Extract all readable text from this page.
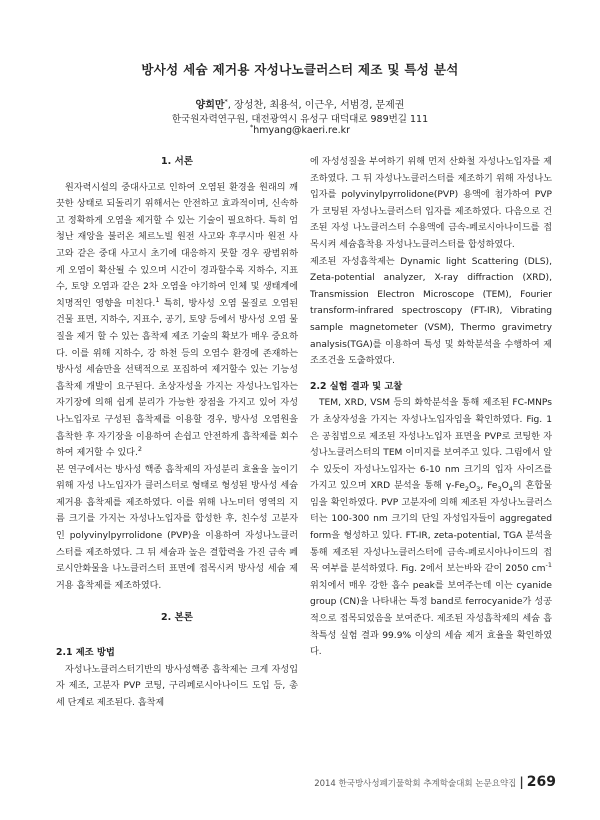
방사성 세슘 제거용 자성나노클러스터 제조 및 특성 분석
양희만*, 장성찬, 최용석, 이근우, 서범경, 문제권
한국원자력연구원, 대전광역시 유성구 대덕대로 989번길 111
*hmyang@kaeri.re.kr
1. 서론

원자력시설의 중대사고로 인하여 오염된 환경을 원래의 깨끗한 상태로 되돌리기 위해서는 안전하고 효과적이며, 신속하고 정확하게 오염을 제거할 수 있는 기술이 필요하다. 특히 엄청난 재앙을 불러온 체르노빌 원전 사고와 후쿠시마 원전 사고와 같은 중대 사고시 초기에 대응하지 못할 경우 광범위하게 오염이 확산될 수 있으며 시간이 경과할수록 지하수, 지표수, 토양 오염과 같은 2차 오염을 야기하여 인체 및 생태계에 치명적인 영향을 미친다.$^1$ 특히, 방사성 오염 물질로 오염된 건물 표면, 지하수, 지표수, 공기, 토양 등에서 방사성 오염 물질을 제거 할 수 있는 흡착제 제조 기술의 확보가 매우 중요하다. 이를 위해 지하수, 강 하천 등의 오염수 환경에 존재하는 방사성 세슘만을 선택적으로 포집하여 제거할수 있는 기능성 흡착제 개발이 요구된다. 초상자성을 가지는 자성나노입자는 자기장에 의해 쉽게 분리가 가능한 장점을 가지고 있어 자성나노입자로 구성된 흡착제를 이용할 경우, 방사성 오염원을 흡착한 후 자기장을 이용하여 손쉽고 안전하게 흡착제를 회수하여 제거할 수 있다.$^2$

본 연구에서는 방사성 핵종 흡착제의 자성분리 효율을 높이기 위해 자성 나노입자가 클러스터로 형태로 형성된 방사성 세슘 제거용 흡착제를 제조하였다. 이를 위해 나노미터 영역의 지름 크기를 가지는 자성나노입자를 합성한 후, 친수성 고분자인 polyvinylpyrrolidone (PVP)을 이용하여 자성나노클러스터를 제조하였다. 그 뒤 세슘과 높은 결합력을 가진 금속 페로시안화물을 나노클러스터 표면에 접목시켜 방사성 세슘 제거용 흡착제를 제조하였다.

2. 본론
2.1 제조 방법

자성나노클러스터기반의 방사성핵종 흡착제는 크게 자성입자 제조, 고분자 PVP 코팅, 구리페로시아나이드 도입 등, 총 세 단계로 제조된다. 흡착제

에 자성성질을 부여하기 위해 먼저 산화철 자성나노입자를 제조하였다. 그 뒤 자성나노클러스터를 제조하기 위해 자성나노입자를 polyvinylpyrrolidone(PVP) 용액에 첨가하여 PVP가 코팅된 자성나노클러스터 입자를 제조하였다. 다음으로 건조된 자성 나노클러스터 수용액에 금속-페로시아나이드를 접목시켜 세슘흡착용 자성나노클러스터를 합성하였다.

제조된 자성흡착제는 Dynamic light Scattering (DLS), Zeta-potential analyzer, X-ray diffraction (XRD), Transmission Electron Microscope (TEM), Fourier transform-infrared spectroscopy (FT-IR), Vibrating sample magnetometer (VSM), Thermo gravimetry analysis(TGA)를 이용하여 특성 및 화학분석을 수행하여 제조조건을 도출하였다.

2.2 실험 결과 및 고찰

TEM, XRD, VSM 등의 화학분석을 통해 제조된 FC-MNPs가 초상자성을 가지는 자성나노입자임을 확인하였다. Fig. 1은 공침법으로 제조된 자성나노입자 표면을 PVP로 코팅한 자성나노클러스터의 TEM 이미지를 보여주고 있다. 그림에서 알수 있듯이 자성나노입자는 6-10 nm 크기의 입자 사이즈를 가지고 있으며 XRD 분석을 통해 $\gamma-Fe_2O_3$, $Fe_3O_4$의 혼합물임을 확인하였다. PVP 고분자에 의해 제조된 자성나노클러스터는 100-300 nm 크기의 단일 자성입자들이 aggregated form을 형성하고 있다. FT-IR, zeta-potential, TGA 분석을 통해 제조된 자성나노클러스터에 금속-페로시아나이드의 접목 여부를 분석하였다. Fig. 2에서 보는바와 같이 2050 $cm^{-1}$ 위치에서 매우 강한 흡수 peak를 보여주는데 이는 cyanide group (CN)을 나타내는 특정 band로 ferrocyanide가 성공적으로 접목되었음을 보여준다. 제조된 자성흡착제의 세슘 흡착특성 실험 결과 99.9% 이상의 세슘 제거 효율을 확인하였다.

2014 한국방사성폐기물학회 추계학술대회 논문요약집 | 269
